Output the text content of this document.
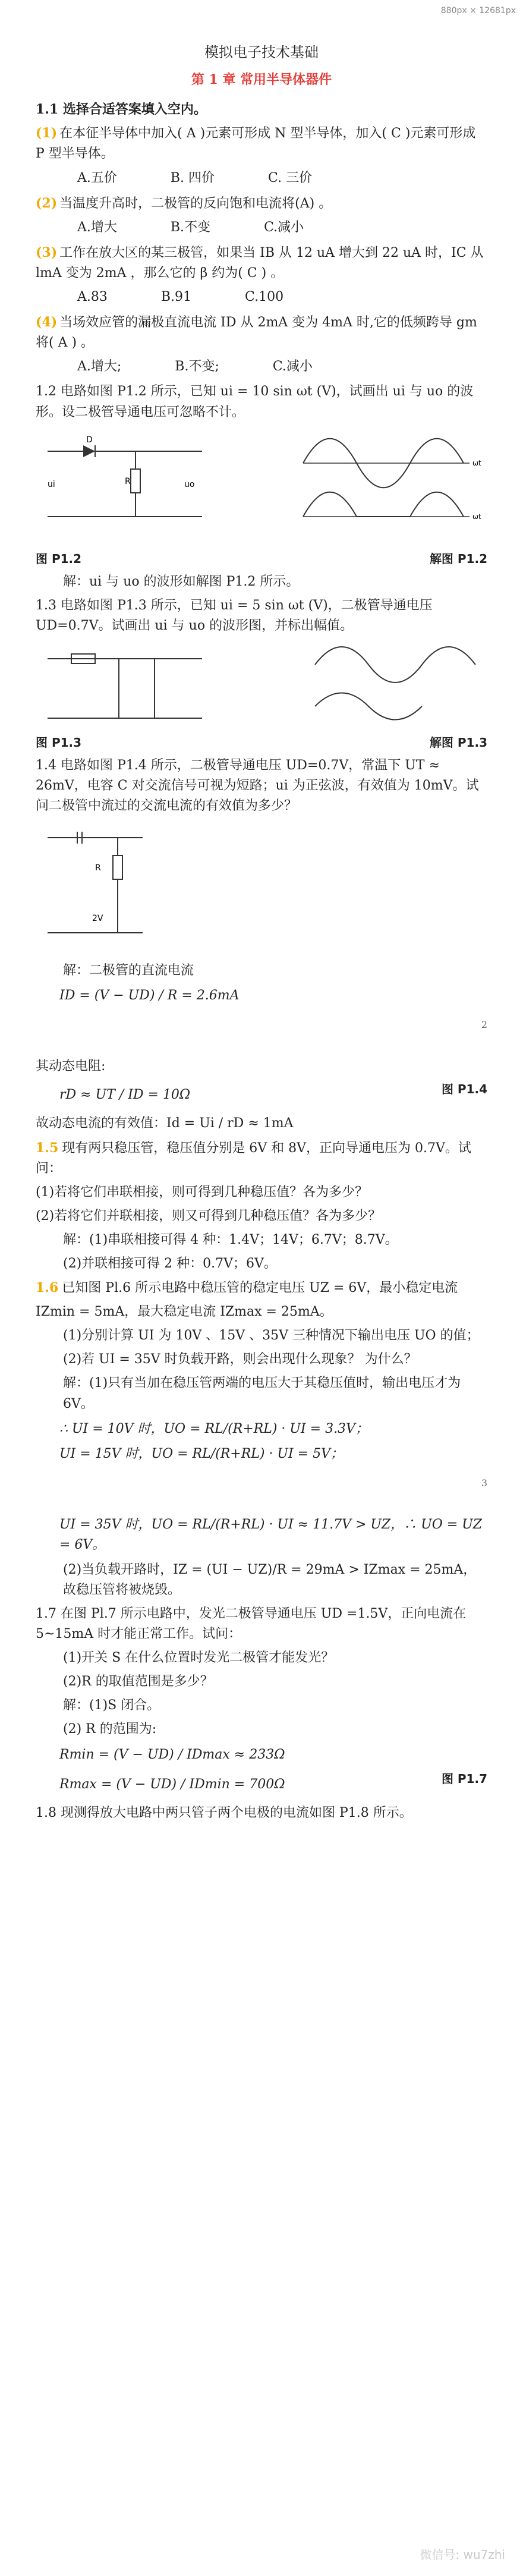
880px × 12681px
模拟电子技术基础
第 1 章 常用半导体器件
1.1 选择合适答案填入空内。
(1) 在本征半导体中加入( A )元素可形成 N 型半导体，加入( C )元素可形成 P 型半导体。
A.五价	B. 四价	C. 三价
(2) 当温度升高时，二极管的反向饱和电流将(A) 。
A.增大	B.不变	C.减小
(3) 工作在放大区的某三极管，如果当 IB 从 12 uA 增大到 22 uA 时，IC 从 lmA 变为 2mA ，那么它的 β 约为( C ) 。
A.83	B.91	C.100
(4) 当场效应管的漏极直流电流 ID 从 2mA 变为 4mA 时,它的低频跨导 gm 将( A ) 。
A.增大;	B.不变;	C.减小
1.2 电路如图 P1.2 所示，已知 ui = 10 sin ωt (V)，试画出 ui 与 uo 的波形。设二极管导通电压可忽略不计。
ui	uo
R
D
ωt
ωt
图 P1.2	解图 P1.2
解：ui 与 uo 的波形如解图 P1.2 所示。
1.3 电路如图 P1.3 所示，已知 ui = 5 sin ωt (V)，二极管导通电压 UD=0.7V。试画出 ui 与 uo 的波形图，并标出幅值。
图 P1.3	解图 P1.3
1.4 电路如图 P1.4 所示，二极管导通电压 UD=0.7V，常温下 UT ≈ 26mV，电容 C 对交流信号可视为短路；ui 为正弦波，有效值为 10mV。试问二极管中流过的交流电流的有效值为多少？
R
2V
解：二极管的直流电流
ID = (V − UD) / R = 2.6mA
2
其动态电阻:
rD ≈ UT / ID = 10Ω	图 P1.4
故动态电流的有效值：Id = Ui / rD ≈ 1mA
1.5 现有两只稳压管，稳压值分别是 6V 和 8V，正向导通电压为 0.7V。试问：
(1)若将它们串联相接，则可得到几种稳压值？各为多少？
(2)若将它们并联相接，则又可得到几种稳压值？各为多少？
解：(1)串联相接可得 4 种：1.4V；14V；6.7V；8.7V。
(2)并联相接可得 2 种：0.7V；6V。
1.6 已知图 Pl.6 所示电路中稳压管的稳定电压 UZ = 6V，最小稳定电流
IZmin = 5mA，最大稳定电流 IZmax = 25mA。
(1)分别计算 UI 为 10V 、15V 、35V 三种情况下输出电压 UO 的值；
(2)若 UI = 35V 时负载开路，则会出现什么现象？ 为什么？
解：(1)只有当加在稳压管两端的电压大于其稳压值时，输出电压才为 6V。
∴ UI = 10V 时，UO = RL/(R+RL) · UI = 3.3V；
UI = 15V 时，UO = RL/(R+RL) · UI = 5V；
3
UI = 35V 时，UO = RL/(R+RL) · UI ≈ 11.7V > UZ，∴ UO = UZ = 6V。
(2)当负载开路时，IZ = (UI − UZ)/R = 29mA > IZmax = 25mA，故稳压管将被烧毁。
1.7 在图 Pl.7 所示电路中，发光二极管导通电压 UD =1.5V，正向电流在 5~15mA 时才能正常工作。试问：
(1)开关 S 在什么位置时发光二极管才能发光？
(2)R 的取值范围是多少？
解：(1)S 闭合。
(2) R 的范围为:
Rmin = (V − UD) / IDmax ≈ 233Ω
Rmax = (V − UD) / IDmin = 700Ω	图 P1.7
1.8 现测得放大电路中两只管子两个电极的电流如图 P1.8 所示。
微信号: wu7zhi
